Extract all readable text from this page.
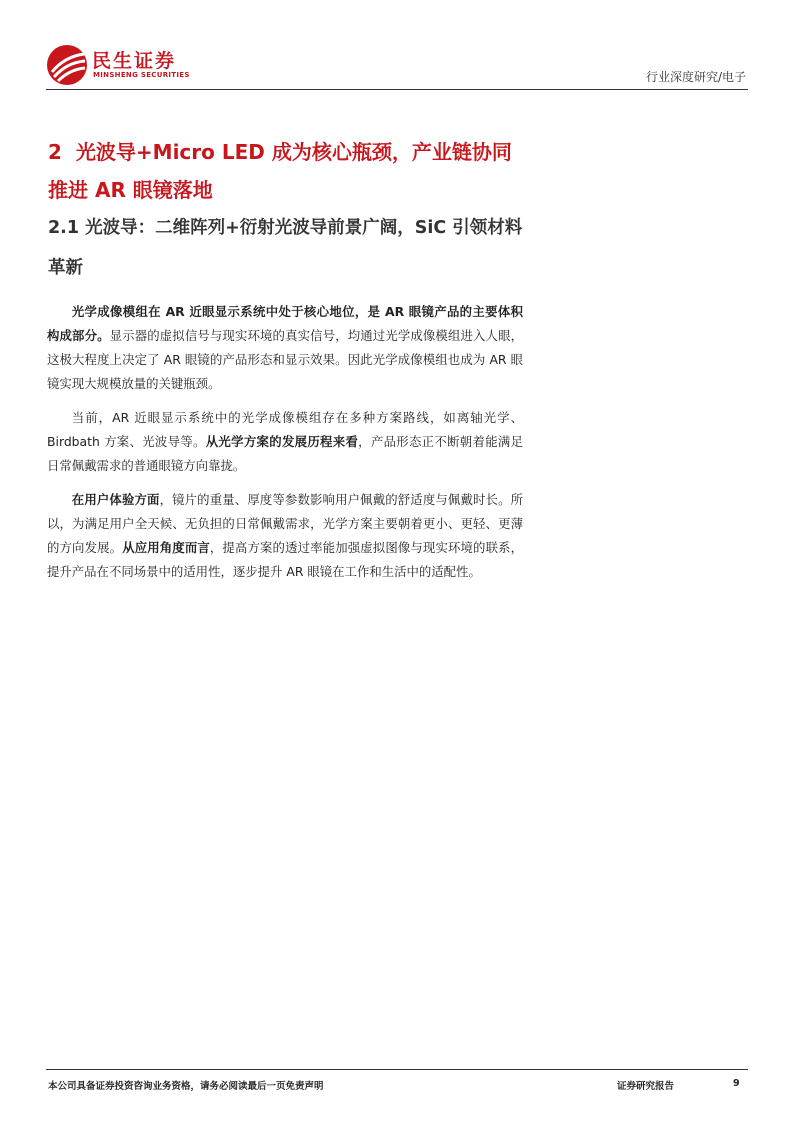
民生证券
MINSHENG SECURITIES	行业深度研究/电子
2 光波导+Micro LED 成为核心瓶颈，产业链协同推进 AR 眼镜落地
2.1 光波导：二维阵列+衍射光波导前景广阔，SiC 引领材料革新

光学成像模组在 AR 近眼显示系统中处于核心地位，是 AR 眼镜产品的主要体积构成部分。显示器的虚拟信号与现实环境的真实信号，均通过光学成像模组进入人眼，这极大程度上决定了 AR 眼镜的产品形态和显示效果。因此光学成像模组也成为 AR 眼镜实现大规模放量的关键瓶颈。

当前，AR 近眼显示系统中的光学成像模组存在多种方案路线，如离轴光学、Birdbath 方案、光波导等。从光学方案的发展历程来看，产品形态正不断朝着能满足日常佩戴需求的普通眼镜方向靠拢。

在用户体验方面，镜片的重量、厚度等参数影响用户佩戴的舒适度与佩戴时长。所以，为满足用户全天候、无负担的日常佩戴需求，光学方案主要朝着更小、更轻、更薄的方向发展。从应用角度而言，提高方案的透过率能加强虚拟图像与现实环境的联系，提升产品在不同场景中的适用性，逐步提升 AR 眼镜在工作和生活中的适配性。

本公司具备证券投资咨询业务资格，请务必阅读最后一页免责声明	证券研究报告	9
